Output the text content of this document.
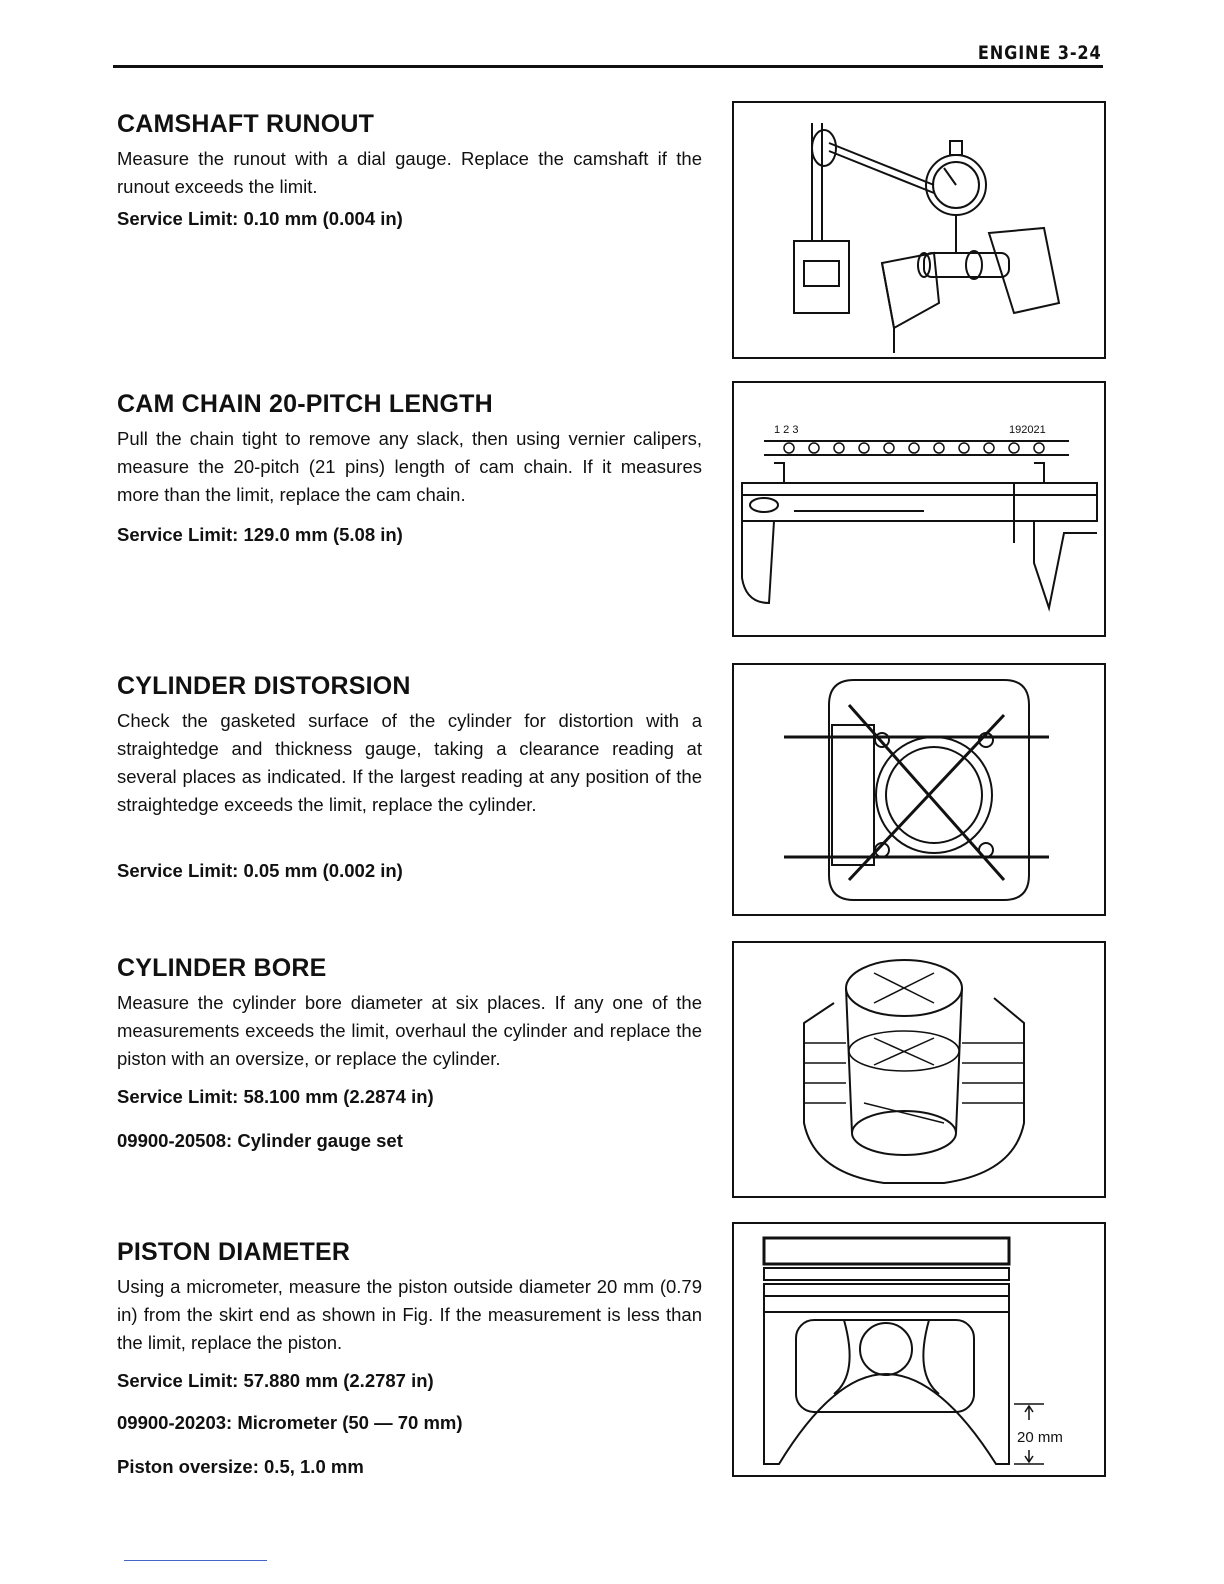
ENGINE 3-24
CAMSHAFT RUNOUT

Measure the runout with a dial gauge. Replace the camshaft if the runout exceeds the limit.

Service Limit: 0.10 mm (0.004 in)
CAM CHAIN 20-PITCH LENGTH

Pull the chain tight to remove any slack, then using vernier calipers, measure the 20-pitch (21 pins) length of cam chain. If it measures more than the limit, replace the cam chain.

Service Limit: 129.0 mm (5.08 in)
CYLINDER DISTORSION

Check the gasketed surface of the cylinder for distortion with a straightedge and thickness gauge, taking a clearance reading at several places as indicated. If the largest reading at any position of the straightedge exceeds the limit, replace the cylinder.

Service Limit: 0.05 mm (0.002 in)
CYLINDER BORE

Measure the cylinder bore diameter at six places. If any one of the measurements exceeds the limit, overhaul the cylinder and replace the piston with an oversize, or replace the cylinder.

Service Limit: 58.100 mm (2.2874 in)
09900-20508: Cylinder gauge set
PISTON DIAMETER

Using a micrometer, measure the piston outside diameter 20 mm (0.79 in) from the skirt end as shown in Fig. If the measurement is less than the limit, replace the piston.

Service Limit: 57.880 mm (2.2787 in)
09900-20203: Micrometer (50 — 70 mm)
Piston oversize: 0.5, 1.0 mm
1 2 3	192021
20 mm
